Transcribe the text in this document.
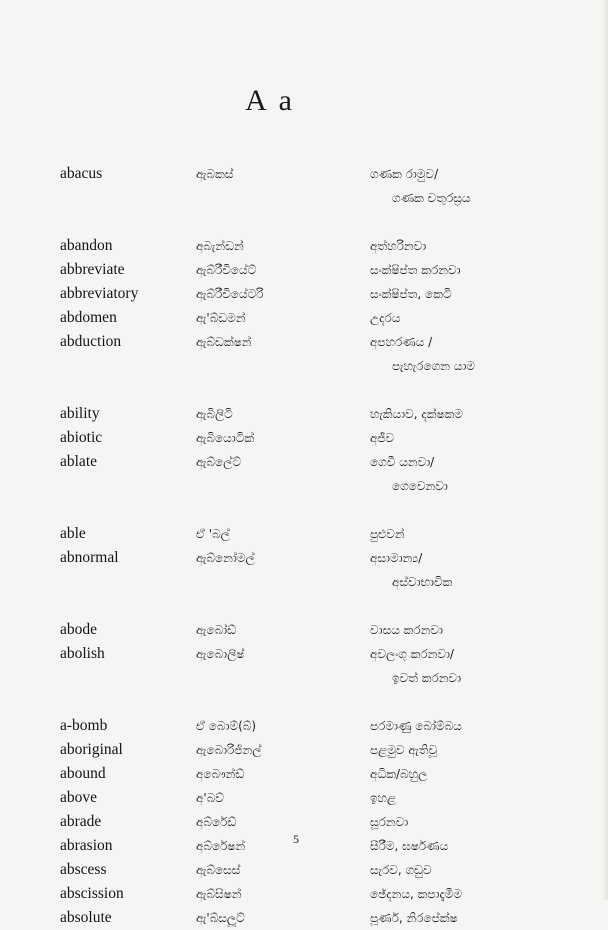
A a
abacus	ඇබකස්	ගණක රාමුව/
ගණක චතුරස්‍රය
abandon	අබැන්ඩන්	අත්හරිනවා
abbreviate	ඇබ්රීවියේට්	සංක්ෂිප්ත කරනවා
abbreviatory	ඇබ්රීවියේටරි	සංක්ෂිප්ත, කෙටි
abdomen	ඇ'බ්ඩමන්	උදරය
abduction	ඇබ්ඩක්ෂන්	අපහරණය /
පැහැරගෙන යාම
ability	ඇබිලිටි	හැකියාව, දක්ෂකම
abiotic	ඇබියොටික්	අජීව
ablate	ඇබ්ලේට්	ගෙවී යනවා/
ගෙවෙනවා
able	ඒ 'බල්	පුළුවන්
abnormal	ඇබ්නෝමල්	අසාමාන්‍ය/
අස්වාභාවික
abode	ඇබෝඩ්	වාසය කරනවා
abolish	ඇබොලිෂ්	අවලංගු කරනවා/
ඉවත් කරනවා
a-bomb	ඒ බොම්(බ්)	පරමාණු බෝම්බය
aboriginal	ඇබොරිජිනල්	පළමුව ඇතිවූ
abound	අබෞන්ඩ්	අධික/බහුල
above	අ'බව්	ඉහළ
abrade	අබ්රේඩ්	සූරනවා
abrasion	අබ්රේෂන්	සීරීම, ඝර්ෂණය
abscess	ඇබ්සෙස්	සැරව, ගඩුව
abscission	ඇබ්සිෂන්	ඡේදනය, කපාදැමීම
absolute	ඇ'බ්සලූට්	පූර්ණ, නිරපේක්ෂ
5
